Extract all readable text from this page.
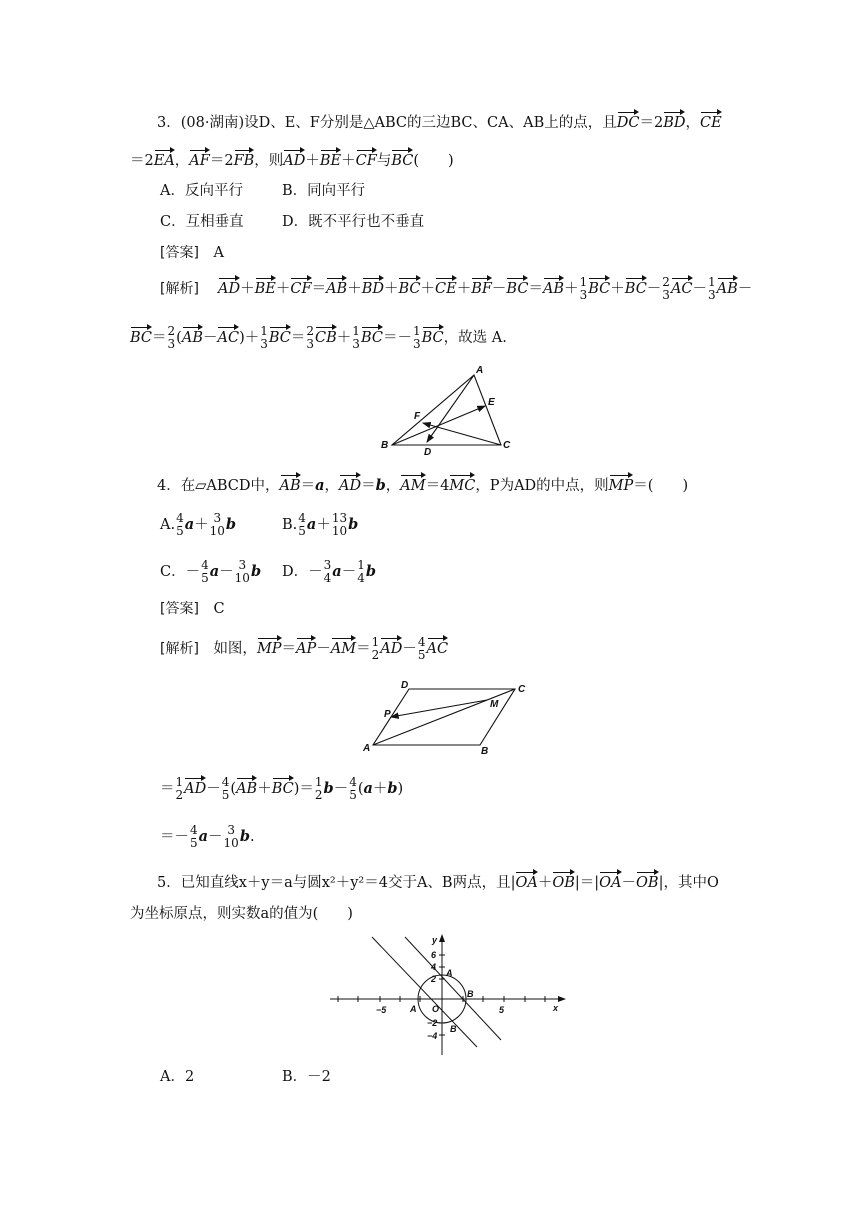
3．(08·湖南)设D、E、F分别是△ABC的三边BC、CA、AB上的点，且DC＝2BD，CE
＝2EA，AF＝2FB，则AD＋BE＋CF与BC(　　)
A．反向平行	B．同向平行
C．互相垂直	D．既不平行也不垂直
[答案]　 A
[解析]　 AD＋BE＋CF＝AB＋BD＋BC＋CE＋BF－BC＝AB＋ 1
3 BC＋BC－ 2
3 AC－ 1
3 AB－
BC＝ 2
3 (AB－AC)＋ 1
3 BC＝ 2
3 CB＋ 1
3 BC＝－ 1
3 BC，故选 A.
A
E
F
B
D
C
4．在▱ABCD中，AB＝a，AD＝b，AM＝4MC，P为AD的中点，则MP＝(　　)
A. 4
5 a＋ 3
10 b	B. 4
5 a＋ 13
10 b
C．－ 4
5 a－ 3
10 b D．－ 3
4 a－ 1
4 b
[答案]　 C
[解析]　 如图，MP＝AP－AM＝ 1
2 AD－ 4
5 AC
D	C
M
P
A	B
＝ 1
2 AD－ 4
5 (AB＋BC)＝ 1
2 b－ 4
5 (a＋b)
＝－ 4
5 a－ 3
10 b.
5．已知直线x＋y＝a与圆x²＋y²＝4交于A、B两点，且|OA＋OB|＝|OA－OB|，其中O
为坐标原点，则实数a的值为(　　)
6
4
2
−2
−4
−5	5
O	x
y
A
B
A
B
A．2	B．－2
